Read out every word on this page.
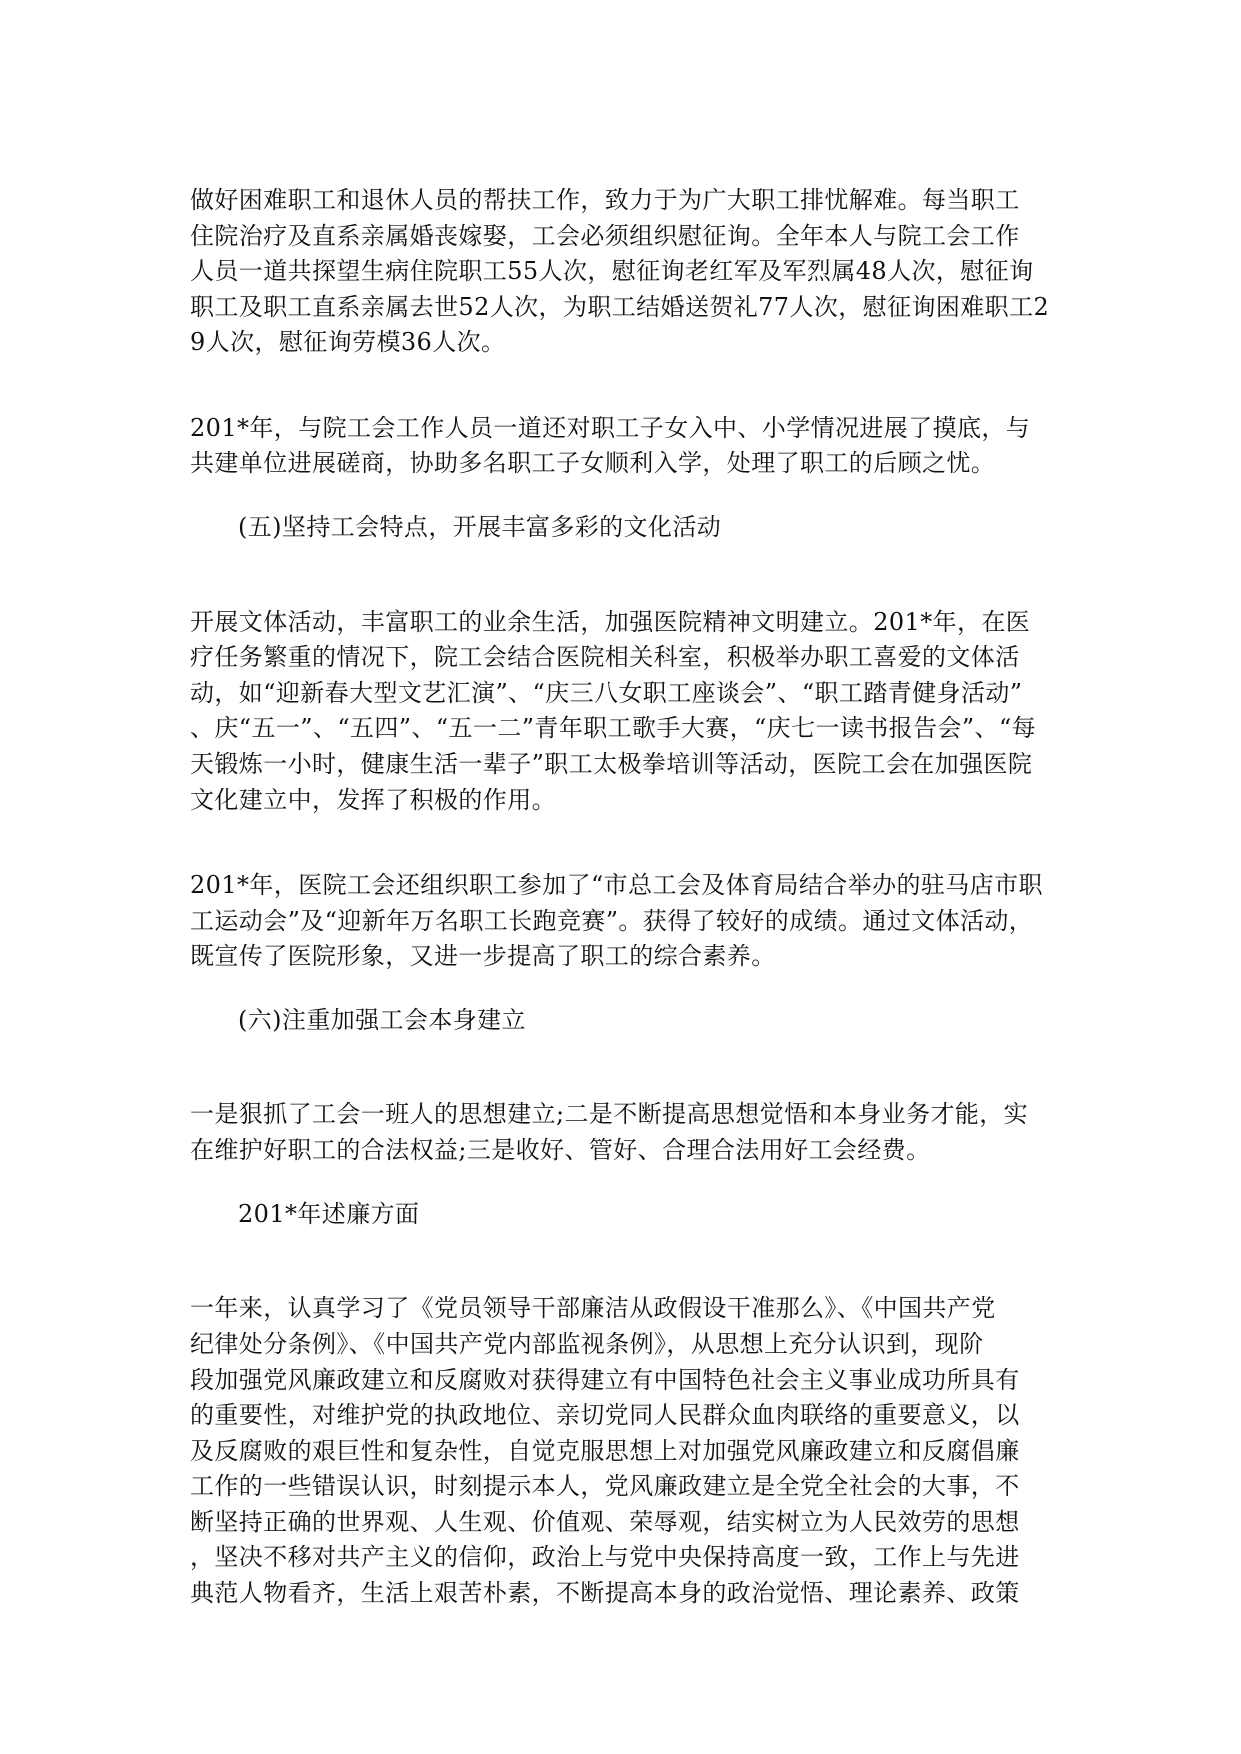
做好困难职工和退休人员的帮扶工作，致力于为广大职工排忧解难。每当职工
住院治疗及直系亲属婚丧嫁娶，工会必须组织慰征询。全年本人与院工会工作
人员一道共探望生病住院职工55人次，慰征询老红军及军烈属48人次，慰征询
职工及职工直系亲属去世52人次，为职工结婚送贺礼77人次，慰征询困难职工2
9人次，慰征询劳模36人次。
201*年，与院工会工作人员一道还对职工子女入中、小学情况进展了摸底，与
共建单位进展磋商，协助多名职工子女顺利入学，处理了职工的后顾之忧。
(五)坚持工会特点，开展丰富多彩的文化活动
开展文体活动，丰富职工的业余生活，加强医院精神文明建立。201*年，在医
疗任务繁重的情况下，院工会结合医院相关科室，积极举办职工喜爱的文体活
动，如“迎新春大型文艺汇演”、“庆三八女职工座谈会”、“职工踏青健身活动”
、庆“五一”、“五四”、“五一二”青年职工歌手大赛，“庆七一读书报告会”、“每
天锻炼一小时，健康生活一辈子”职工太极拳培训等活动，医院工会在加强医院
文化建立中，发挥了积极的作用。
201*年，医院工会还组织职工参加了“市总工会及体育局结合举办的驻马店市职
工运动会”及“迎新年万名职工长跑竞赛”。获得了较好的成绩。通过文体活动，
既宣传了医院形象，又进一步提高了职工的综合素养。
(六)注重加强工会本身建立
一是狠抓了工会一班人的思想建立;二是不断提高思想觉悟和本身业务才能，实
在维护好职工的合法权益;三是收好、管好、合理合法用好工会经费。
201*年述廉方面
一年来，认真学习了《党员领导干部廉洁从政假设干准那么》、《中国共产党
纪律处分条例》、《中国共产党内部监视条例》，从思想上充分认识到，现阶
段加强党风廉政建立和反腐败对获得建立有中国特色社会主义事业成功所具有
的重要性，对维护党的执政地位、亲切党同人民群众血肉联络的重要意义，以
及反腐败的艰巨性和复杂性，自觉克服思想上对加强党风廉政建立和反腐倡廉
工作的一些错误认识，时刻提示本人，党风廉政建立是全党全社会的大事，不
断坚持正确的世界观、人生观、价值观、荣辱观，结实树立为人民效劳的思想
，坚决不移对共产主义的信仰，政治上与党中央保持高度一致，工作上与先进
典范人物看齐，生活上艰苦朴素，不断提高本身的政治觉悟、理论素养、政策
